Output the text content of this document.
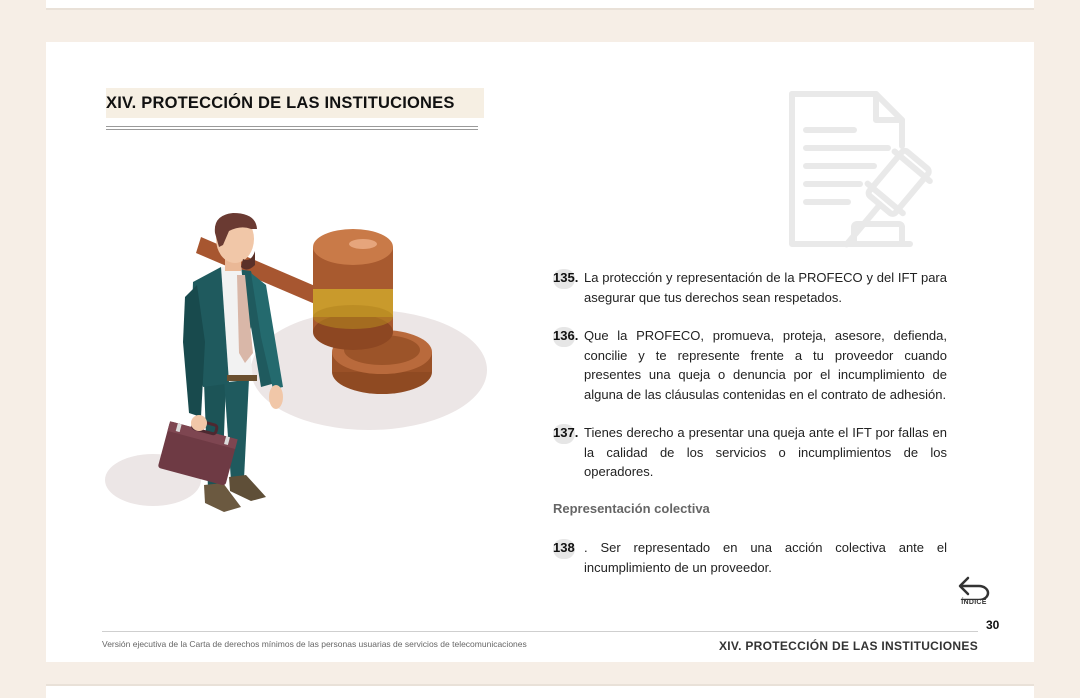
XIV. PROTECCIÓN DE LAS INSTITUCIONES
135. La protección y representación de la PROFECO y del IFT para asegurar que tus derechos sean respetados.
136. Que la PROFECO, promueva, proteja, asesore, defienda, concilie y te represente frente a tu proveedor cuando presentes una queja o denuncia por el incumplimiento de alguna de las cláusulas contenidas en el contrato de adhesión.
137. Tienes derecho a presentar una queja ante el IFT por fallas en la calidad de los servicios o incumplimientos de los operadores.
Representación colectiva
138 . Ser representado en una acción colectiva ante el incumplimiento de un proveedor.
ÍNDICE
30
Versión ejecutiva de la Carta de derechos mínimos de las personas usuarias de servicios de telecomunicaciones	XIV. PROTECCIÓN DE LAS INSTITUCIONES
